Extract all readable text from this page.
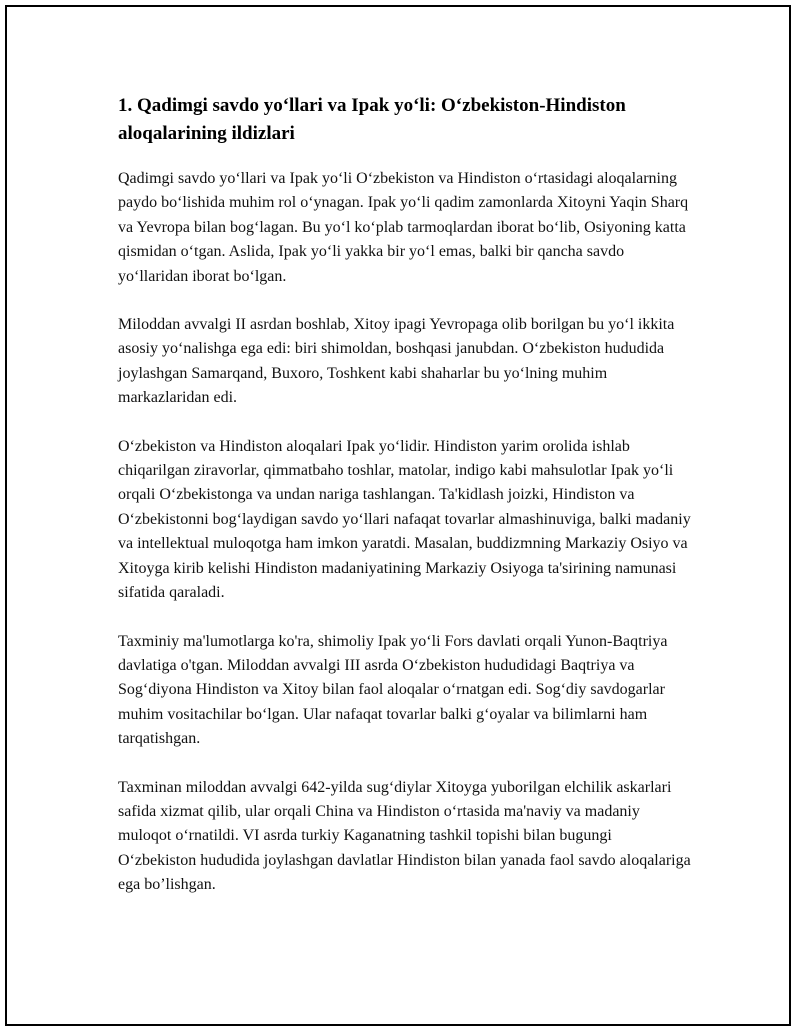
1. Qadimgi savdo yo‘llari va Ipak yo‘li: O‘zbekiston-Hindiston aloqalarining ildizlari

Qadimgi savdo yo‘llari va Ipak yo‘li O‘zbekiston va Hindiston o‘rtasidagi aloqalarning paydo bo‘lishida muhim rol o‘ynagan. Ipak yo‘li qadim zamonlarda Xitoyni Yaqin Sharq va Yevropa bilan bog‘lagan. Bu yo‘l ko‘plab tarmoqlardan iborat bo‘lib, Osiyoning katta qismidan o‘tgan. Aslida, Ipak yo‘li yakka bir yo‘l emas, balki bir qancha savdo yo‘llaridan iborat bo‘lgan.

Miloddan avvalgi II asrdan boshlab, Xitoy ipagi Yevropaga olib borilgan bu yo‘l ikkita asosiy yo‘nalishga ega edi: biri shimoldan, boshqasi janubdan. O‘zbekiston hududida joylashgan Samarqand, Buxoro, Toshkent kabi shaharlar bu yo‘lning muhim markazlaridan edi.

O‘zbekiston va Hindiston aloqalari Ipak yo‘lidir. Hindiston yarim orolida ishlab chiqarilgan ziravorlar, qimmatbaho toshlar, matolar, indigo kabi mahsulotlar Ipak yo‘li orqali O‘zbekistonga va undan nariga tashlangan. Ta'kidlash joizki, Hindiston va O‘zbekistonni bog‘laydigan savdo yo‘llari nafaqat tovarlar almashinuviga, balki madaniy va intellektual muloqotga ham imkon yaratdi. Masalan, buddizmning Markaziy Osiyo va Xitoyga kirib kelishi Hindiston madaniyatining Markaziy Osiyoga ta'sirining namunasi sifatida qaraladi.

Taxminiy ma'lumotlarga ko'ra, shimoliy Ipak yo‘li Fors davlati orqali Yunon-Baqtriya davlatiga o'tgan. Miloddan avvalgi III asrda O‘zbekiston hududidagi Baqtriya va Sog‘diyona Hindiston va Xitoy bilan faol aloqalar o‘rnatgan edi. Sog‘diy savdogarlar muhim vositachilar bo‘lgan. Ular nafaqat tovarlar balki g‘oyalar va bilimlarni ham tarqatishgan.

Taxminan miloddan avvalgi 642-yilda sug‘diylar Xitoyga yuborilgan elchilik askarlari safida xizmat qilib, ular orqali China va Hindiston o‘rtasida ma'naviy va madaniy muloqot o‘rnatildi. VI asrda turkiy Kaganatning tashkil topishi bilan bugungi O‘zbekiston hududida joylashgan davlatlar Hindiston bilan yanada faol savdo aloqalariga ega bo’lishgan.
